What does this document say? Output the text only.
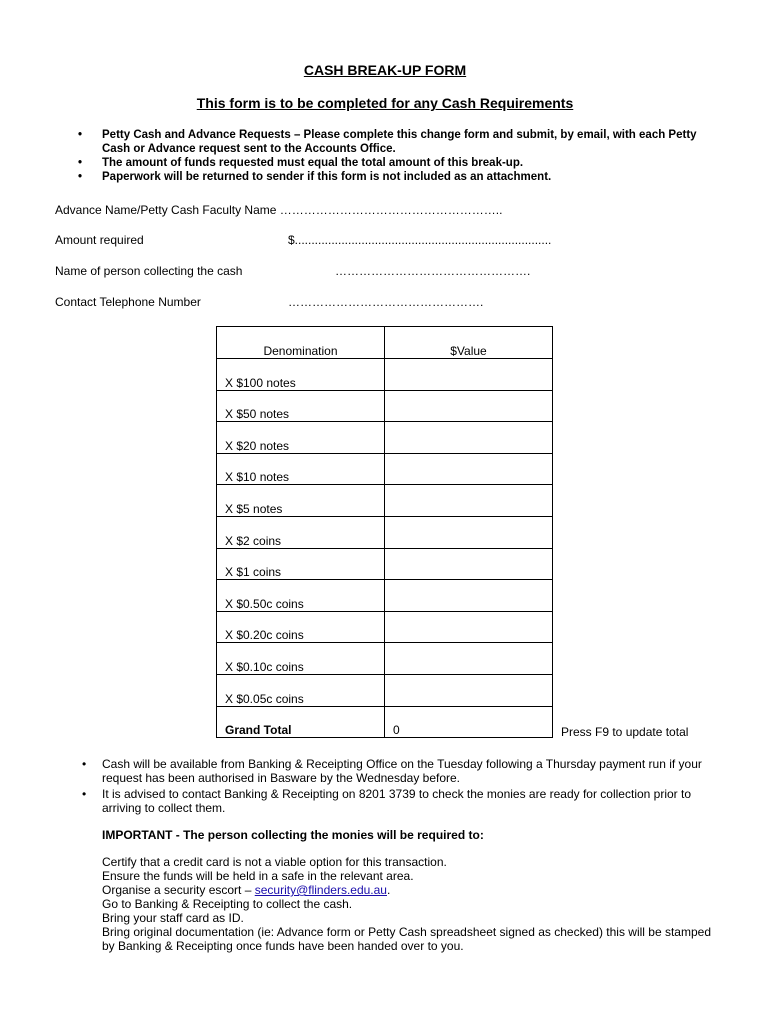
CASH BREAK-UP FORM
This form is to be completed for any Cash Requirements
• Petty Cash and Advance Requests – Please complete this change form and submit, by email, with each Petty Cash or Advance request sent to the Accounts Office.
• The amount of funds requested must equal the total amount of this break-up.
• Paperwork will be returned to sender if this form is not included as an attachment.
Advance Name/Petty Cash Faculty Name ………………………………………………..
Amount required	$.............................................................................
Name of person collecting the cash	………………………………………….
Contact Telephone Number	………………………………………….
Denomination	$Value
X $100 notes	
X $50 notes	
X $20 notes	
X $10 notes	
X $5 notes	
X $2 coins	
X $1 coins	
X $0.50c coins	
X $0.20c coins	
X $0.10c coins	
X $0.05c coins	
Grand Total	0	Press F9 to update total
• Cash will be available from Banking & Receipting Office on the Tuesday following a Thursday payment run if your request has been authorised in Basware by the Wednesday before.
• It is advised to contact Banking & Receipting on 8201 3739 to check the monies are ready for collection prior to arriving to collect them.
IMPORTANT - The person collecting the monies will be required to:
Certify that a credit card is not a viable option for this transaction.
Ensure the funds will be held in a safe in the relevant area.
Organise a security escort – security@flinders.edu.au.
Go to Banking & Receipting to collect the cash.
Bring your staff card as ID.
Bring original documentation (ie: Advance form or Petty Cash spreadsheet signed as checked) this will be stamped by Banking & Receipting once funds have been handed over to you.
